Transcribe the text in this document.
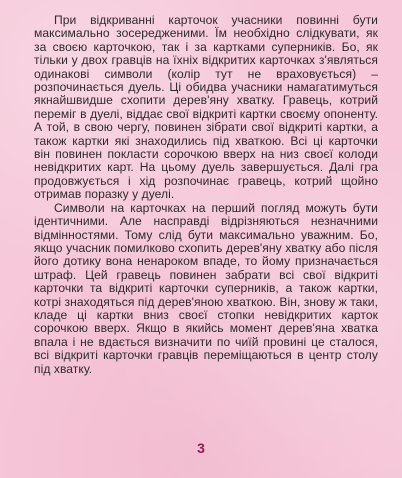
При відкриванні карточок учасники повинні бути максимально зосередженими. Їм необхідно слідкувати, як за своєю карточкою, так і за картками суперників. Бо, як тільки у двох гравців на їхніх відкритих карточках з'являться одинакові символи (колір тут не враховується) – розпочинається дуель. Ці обидва учасники намагатимуться якнайшвидше схопити дерев'яну хватку. Гравець, котрий переміг в дуелі, віддає свої відкриті картки своєму опоненту. А той, в свою чергу, повинен зібрати свої відкриті картки, а також картки які знаходились під хваткою. Всі ці карточки він повинен покласти сорочкою вверх на низ своєї колоди невідкритих карт. На цьому дуель завершується. Далі гра продовжується і хід розпочинає гравець, котрий щойно отримав поразку у дуелі.

Символи на карточках на перший погляд можуть бути ідентичними. Але насправді відрізняються незначними відмінностями. Тому слід бути максимально уважним. Бо, якщо учасник помилково схопить дерев'яну хватку або після його дотику вона ненароком впаде, то йому призначається штраф. Цей гравець повинен забрати всі свої відкриті карточки та відкриті карточки суперників, а також картки, котрі знаходяться під дерев'яною хваткою. Він, знову ж таки, кладе ці картки вниз своєї стопки невідкритих карток сорочкою вверх. Якщо в якийсь момент дерев'яна хватка впала і не вдається визначити по чиїй провині це сталося, всі відкриті карточки гравців переміщаються в центр столу під хватку.

3
